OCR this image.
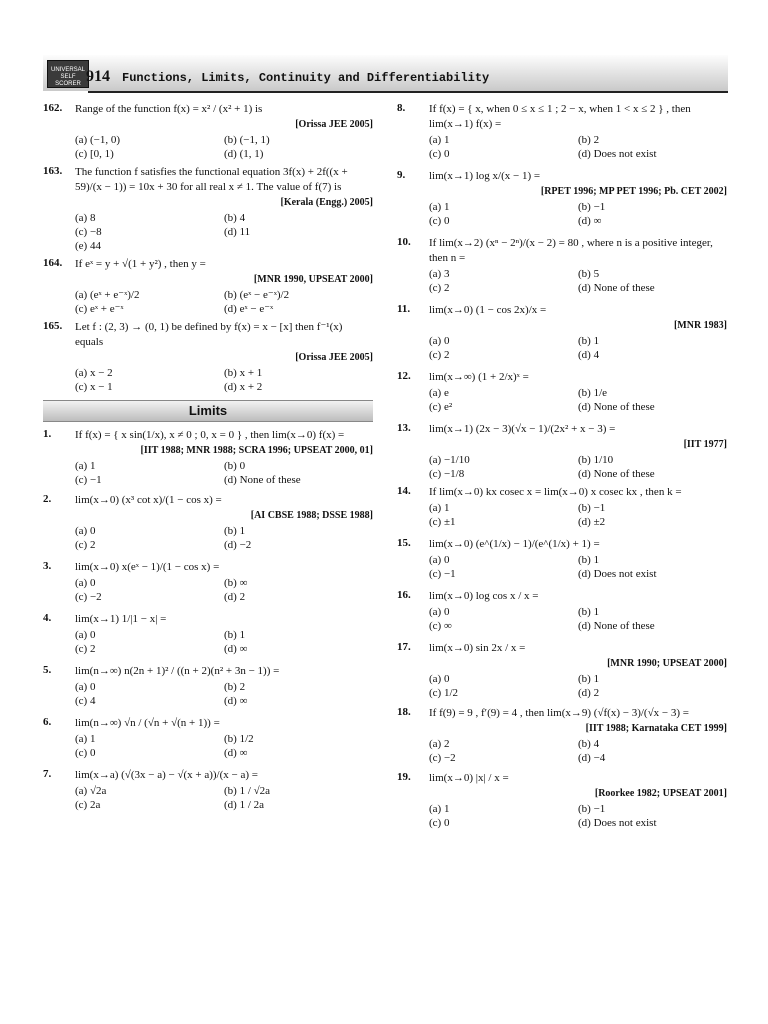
UNIVERSAL
SELF SCORER 914 Functions, Limits, Continuity and Differentiability
162. Range of the function f(x) = x² / (x² + 1) is
[Orissa JEE 2005]
(a) (−1, 0)	(b) (−1, 1)
(c) [0, 1)	(d) (1, 1)
163. The function f satisfies the functional equation 3f(x) + 2f((x + 59)/(x − 1)) = 10x + 30 for all real x ≠ 1. The value of f(7) is
[Kerala (Engg.) 2005]
(a) 8	(b) 4
(c) −8	(d) 11
(e) 44
164. If eˣ = y + √(1 + y²) , then y =
[MNR 1990, UPSEAT 2000]
(a) (eˣ + e⁻ˣ)/2	(b) (eˣ − e⁻ˣ)/2
(c) eˣ + e⁻ˣ	(d) eˣ − e⁻ˣ
165. Let f : (2, 3) → (0, 1) be defined by f(x) = x − [x] then f⁻¹(x) equals
[Orissa JEE 2005]
(a) x − 2	(b) x + 1
(c) x − 1	(d) x + 2
Limits
1. If f(x) = { x sin(1/x), x ≠ 0 ; 0, x = 0 } , then lim(x→0) f(x) =
[IIT 1988; MNR 1988; SCRA 1996; UPSEAT 2000, 01]
(a) 1	(b) 0
(c) −1	(d) None of these
2. lim(x→0) (x³ cot x)/(1 − cos x) =
[AI CBSE 1988; DSSE 1988]
(a) 0	(b) 1
(c) 2	(d) −2
3. lim(x→0) x(eˣ − 1)/(1 − cos x) =
(a) 0	(b) ∞
(c) −2	(d) 2
4. lim(x→1) 1/|1 − x| =
(a) 0	(b) 1
(c) 2	(d) ∞
5. lim(n→∞) n(2n + 1)² / ((n + 2)(n² + 3n − 1)) =
(a) 0	(b) 2
(c) 4	(d) ∞
6. lim(n→∞) √n / (√n + √(n + 1)) =
(a) 1	(b) 1/2
(c) 0	(d) ∞
7. lim(x→a) (√(3x − a) − √(x + a))/(x − a) =
(a) √2a	(b) 1 / √2a
(c) 2a	(d) 1 / 2a
8. If f(x) = { x, when 0 ≤ x ≤ 1 ; 2 − x, when 1 < x ≤ 2 } , then lim(x→1) f(x) =
(a) 1	(b) 2
(c) 0	(d) Does not exist
9. lim(x→1) log x/(x − 1) =
[RPET 1996; MP PET 1996; Pb. CET 2002]
(a) 1	(b) −1
(c) 0	(d) ∞
10. If lim(x→2) (xⁿ − 2ⁿ)/(x − 2) = 80 , where n is a positive integer, then n =
(a) 3	(b) 5
(c) 2	(d) None of these
11. lim(x→0) (1 − cos 2x)/x =
[MNR 1983]
(a) 0	(b) 1
(c) 2	(d) 4
12. lim(x→∞) (1 + 2/x)ˣ =
(a) e	(b) 1/e
(c) e²	(d) None of these
13. lim(x→1) (2x − 3)(√x − 1)/(2x² + x − 3) =
[IIT 1977]
(a) −1/10	(b) 1/10
(c) −1/8	(d) None of these
14. If lim(x→0) kx cosec x = lim(x→0) x cosec kx , then k =
(a) 1	(b) −1
(c) ±1	(d) ±2
15. lim(x→0) (e^(1/x) − 1)/(e^(1/x) + 1) =
(a) 0	(b) 1
(c) −1	(d) Does not exist
16. lim(x→0) log cos x / x =
(a) 0	(b) 1
(c) ∞	(d) None of these
17. lim(x→0) sin 2x / x =
[MNR 1990; UPSEAT 2000]
(a) 0	(b) 1
(c) 1/2	(d) 2
18. If f(9) = 9 , f′(9) = 4 , then lim(x→9) (√f(x) − 3)/(√x − 3) =
[IIT 1988; Karnataka CET 1999]
(a) 2	(b) 4
(c) −2	(d) −4
19. lim(x→0) |x| / x =
[Roorkee 1982; UPSEAT 2001]
(a) 1	(b) −1
(c) 0	(d) Does not exist
